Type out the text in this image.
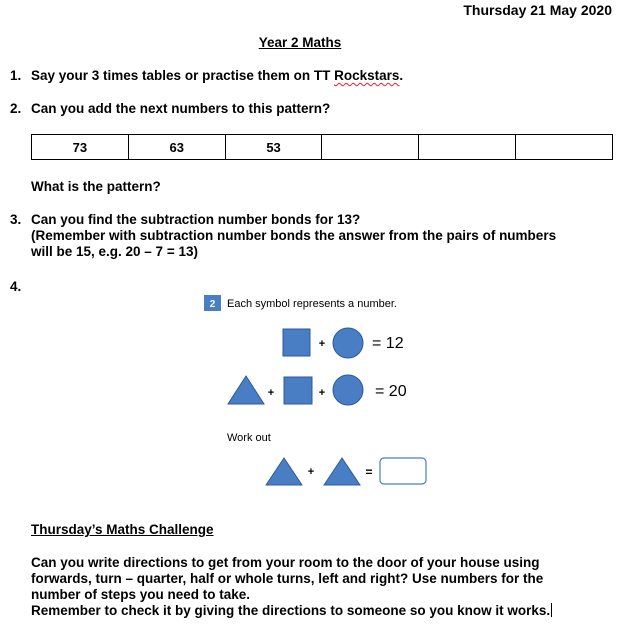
Thursday 21 May 2020
Year 2 Maths
1. Say your 3 times tables or practise them on TT Rockstars.
2. Can you add the next numbers to this pattern?
73	63	53			
What is the pattern?
3. Can you find the subtraction number bonds for 13?
(Remember with subtraction number bonds the answer from the pairs of numbers
will be 15, e.g. 20 – 7 = 13)
4.
2 Each symbol represents a number.
+	= 12
+	+	= 20
Work out
+	=
Thursday’s Maths Challenge
Can you write directions to get from your room to the door of your house using
forwards, turn – quarter, half or whole turns, left and right? Use numbers for the
number of steps you need to take.
Remember to check it by giving the directions to someone so you know it works.
